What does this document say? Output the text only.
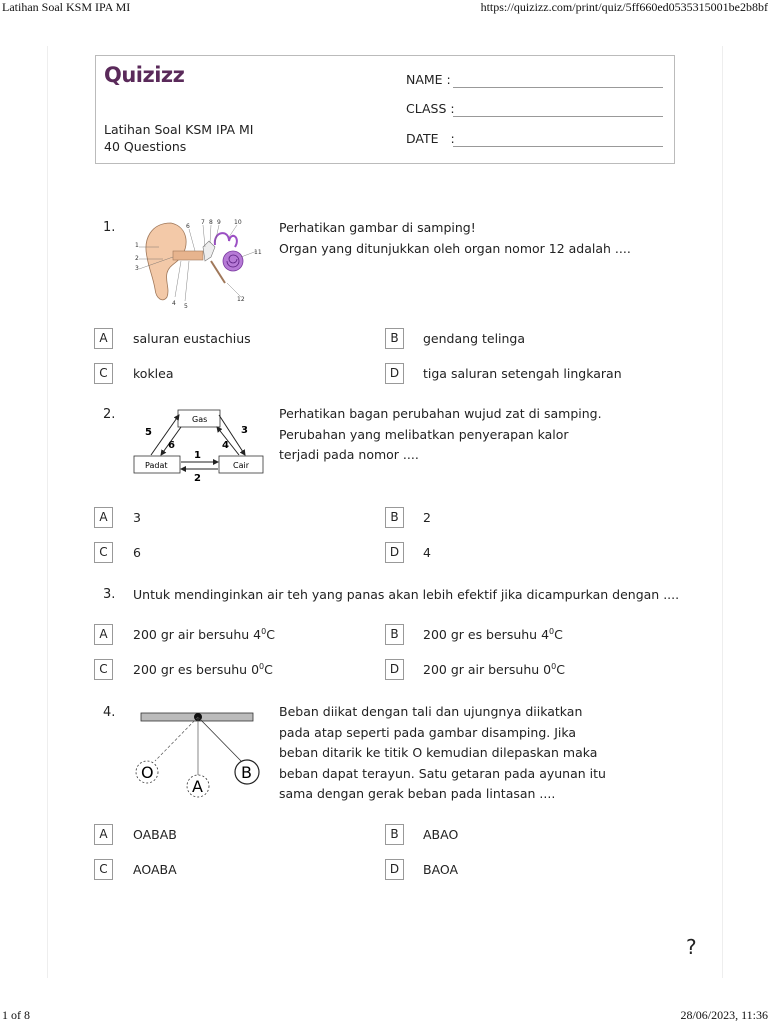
Latihan Soal KSM IPA MI	https://quizizz.com/print/quiz/5ff660ed0535315001be2b8bf
Quizizz
Latihan Soal KSM IPA MI
40 Questions
NAME :
CLASS :
DATE   :
1.
1
2
3
4 5
6
7 8 9 10
11
12
Perhatikan gambar di samping!
Organ yang ditunjukkan oleh organ nomor 12 adalah ....
A	saluran eustachius	B	gendang telinga
C	koklea	D	tiga saluran setengah lingkaran
2.	Gas
Padat	Cair
5
6
3
4
1
2
Perhatikan bagan perubahan wujud zat di samping.
Perubahan yang melibatkan penyerapan kalor
terjadi pada nomor ....
A	3	B	2
C	6	D	4
3. Untuk mendinginkan air teh yang panas akan lebih efektif jika dicampurkan dengan ....
A	200 gr air bersuhu $4^0C$	B	200 gr es bersuhu $4^0C$
C	200 gr es bersuhu $0^0C$	D	200 gr air bersuhu $0^0C$
4.
O
A
B
Beban diikat dengan tali dan ujungnya diikatkan
pada atap seperti pada gambar disamping. Jika
beban ditarik ke titik O kemudian dilepaskan maka
beban dapat terayun. Satu getaran pada ayunan itu
sama dengan gerak beban pada lintasan ....
A	OABAB	B	ABAO
C	AOABA	D	BAOA
?
1 of 8	28/06/2023, 11:36
